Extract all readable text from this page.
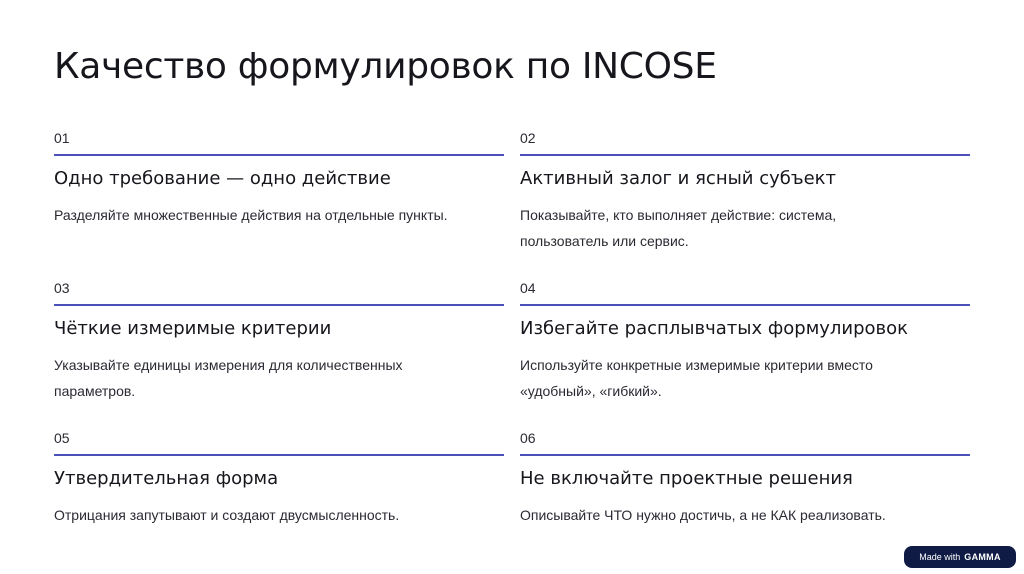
Качество формулировок по INCOSE
01
Одно требование — одно действие
Разделяйте множественные действия на отдельные пункты.
02
Активный залог и ясный субъект
Показывайте, кто выполняет действие: система, пользователь или сервис.
03
Чёткие измеримые критерии
Указывайте единицы измерения для количественных параметров.
04
Избегайте расплывчатых формулировок
Используйте конкретные измеримые критерии вместо «удобный», «гибкий».
05
Утвердительная форма
Отрицания запутывают и создают двусмысленность.
06
Не включайте проектные решения
Описывайте ЧТО нужно достичь, а не КАК реализовать.
Made with GAMMA
